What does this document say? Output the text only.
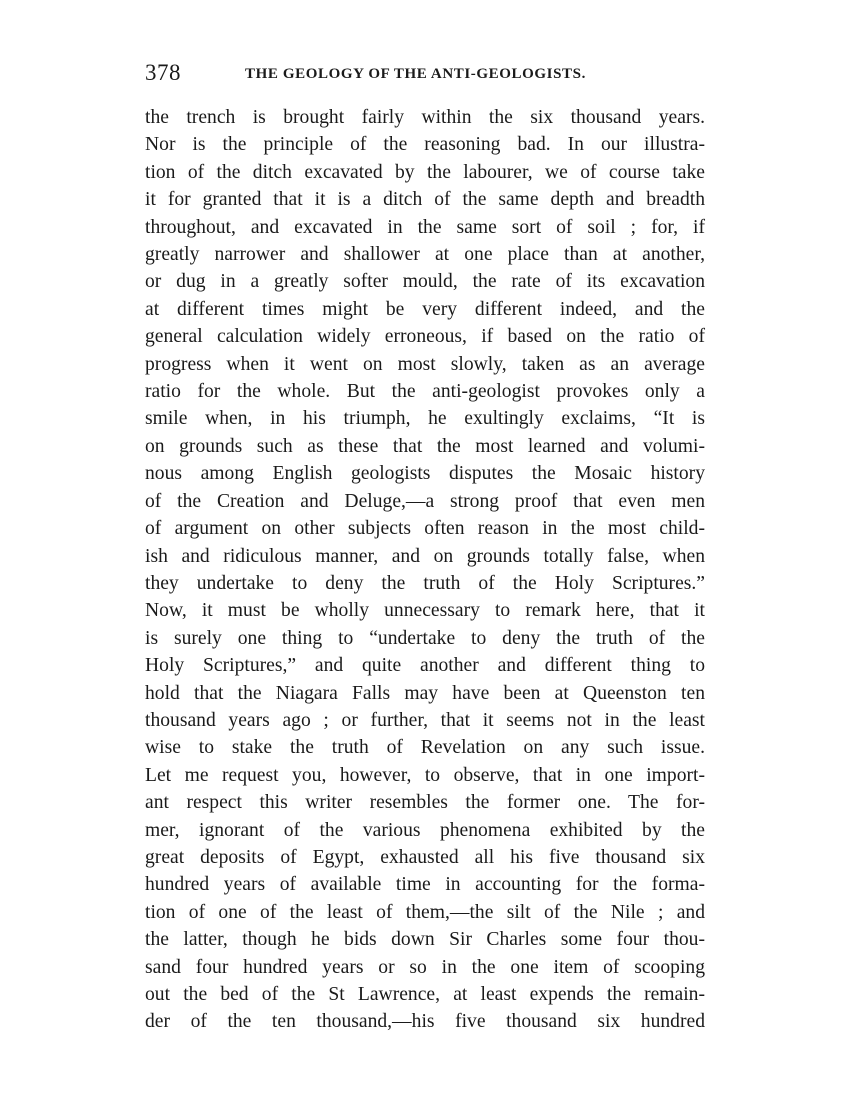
378	THE GEOLOGY OF THE ANTI-GEOLOGISTS.
the trench is brought fairly within the six thousand years.
Nor is the principle of the reasoning bad. In our illustra-
tion of the ditch excavated by the labourer, we of course take
it for granted that it is a ditch of the same depth and breadth
throughout, and excavated in the same sort of soil ; for, if
greatly narrower and shallower at one place than at another,
or dug in a greatly softer mould, the rate of its excavation
at different times might be very different indeed, and the
general calculation widely erroneous, if based on the ratio of
progress when it went on most slowly, taken as an average
ratio for the whole. But the anti-geologist provokes only a
smile when, in his triumph, he exultingly exclaims, “It is
on grounds such as these that the most learned and volumi-
nous among English geologists disputes the Mosaic history
of the Creation and Deluge,—a strong proof that even men
of argument on other subjects often reason in the most child-
ish and ridiculous manner, and on grounds totally false, when
they undertake to deny the truth of the Holy Scriptures.”
Now, it must be wholly unnecessary to remark here, that it
is surely one thing to “undertake to deny the truth of the
Holy Scriptures,” and quite another and different thing to
hold that the Niagara Falls may have been at Queenston ten
thousand years ago ; or further, that it seems not in the least
wise to stake the truth of Revelation on any such issue.
Let me request you, however, to observe, that in one import-
ant respect this writer resembles the former one. The for-
mer, ignorant of the various phenomena exhibited by the
great deposits of Egypt, exhausted all his five thousand six
hundred years of available time in accounting for the forma-
tion of one of the least of them,—the silt of the Nile ; and
the latter, though he bids down Sir Charles some four thou-
sand four hundred years or so in the one item of scooping
out the bed of the St Lawrence, at least expends the remain-
der of the ten thousand,—his five thousand six hundred
